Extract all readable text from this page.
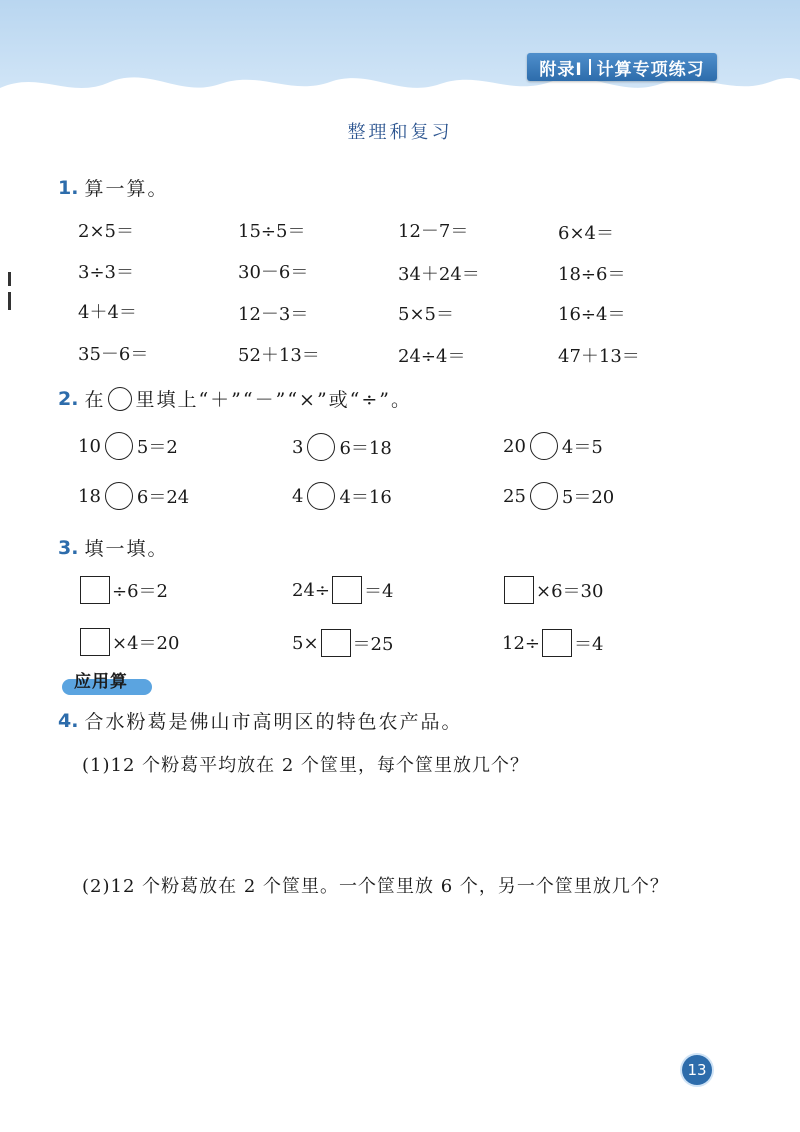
附录Ⅰ 计算专项练习
整理和复习
1. 算一算。
2×5＝	15÷5＝	12－7＝	6×4＝
3÷3＝	30－6＝	34＋24＝	18÷6＝
4＋4＝	12－3＝	5×5＝	16÷4＝
35－6＝	52＋13＝	24÷4＝	47＋13＝
2. 在 里填上“＋”“－”“×”或“÷”。
10 5＝2	3 6＝18	20 4＝5
18 6＝24	4 4＝16	25 5＝20
3. 填一填。
÷6＝2	24÷ ＝4	×6＝30
×4＝20	5× ＝25	12÷ ＝4
应用算
4. 合水粉葛是佛山市高明区的特色农产品。
(1)12 个粉葛平均放在 2 个筐里，每个筐里放几个？
(2)12 个粉葛放在 2 个筐里。一个筐里放 6 个，另一个筐里放几个？
13
